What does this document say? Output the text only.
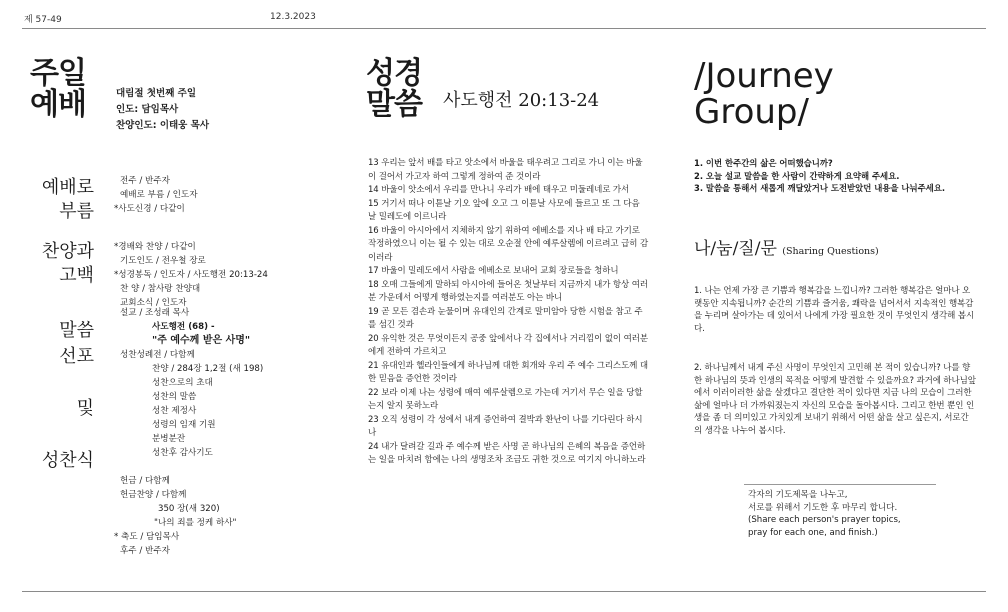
제 57-49	12.3.2023
주일
예배	대림절 첫번째 주일
인도: 담임목사
찬양인도: 이태웅 목사
예배로
부름
찬양과
고백
말씀
선포

및

성찬식
전주 / 반주자
예배로 부름 / 인도자
*사도신경 / 다같이
*경배와 찬양 / 다같이
기도인도 / 전우철 장로
*성경봉독 / 인도자 / 사도행전 20:13-24
찬 양 / 참사랑 찬양대
교회소식 / 인도자
설교 / 조성래 목사
사도행전 (68) -
"주 예수께 받은 사명"
성찬성례전 / 다함께
찬양 / 284장 1,2절 (새 198)
성찬으로의 초대
성찬의 말씀
성찬 제정사
성령의 임재 기원
분병분잔
성찬후 감사기도

헌금 / 다함께
헌금찬양 / 다함께
350 장(새 320)
"나의 죄를 정케 하사"
* 축도 / 담임목사
후주 / 반주자
성경
말씀 사도행전 20:13-24

13 우리는 앞서 배를 타고 앗소에서 바울을 태우려고 그리로 가니 이는 바울이 걸어서 가고자 하여 그렇게 정하여 준 것이라

14 바울이 앗소에서 우리를 만나니 우리가 배에 태우고 미둘레네로 가서

15 거기서 떠나 이튿날 기오 앞에 오고 그 이튿날 사모에 들르고 또 그 다음 날 밀레도에 이르니라

16 바울이 아시아에서 지체하지 않기 위하여 에베소를 지나 배 타고 가기로 작정하였으니 이는 될 수 있는 대로 오순절 안에 예루살렘에 이르려고 급히 감이러라

17 바울이 밀레도에서 사람을 에베소로 보내어 교회 장로들을 청하니

18 오매 그들에게 말하되 아시아에 들어온 첫날부터 지금까지 내가 항상 여러분 가운데서 어떻게 행하였는지를 여러분도 아는 바니

19 곧 모든 겸손과 눈물이며 유대인의 간계로 말미암아 당한 시험을 참고 주를 섬긴 것과

20 유익한 것은 무엇이든지 공중 앞에서나 각 집에서나 거리낌이 없이 여러분에게 전하여 가르치고

21 유대인과 헬라인들에게 하나님께 대한 회개와 우리 주 예수 그리스도께 대한 믿음을 증언한 것이라

22 보라 이제 나는 성령에 매여 예루살렘으로 가는데 거기서 무슨 일을 당할는지 알지 못하노라

23 오직 성령이 각 성에서 내게 증언하여 결박과 환난이 나를 기다린다 하시나

24 내가 달려갈 길과 주 예수께 받은 사명 곧 하나님의 은혜의 복음을 증언하는 일을 마치려 함에는 나의 생명조차 조금도 귀한 것으로 여기지 아니하노라

/Journey
Group/
1. 이번 한주간의 삶은 어떠했습니까?
2. 오늘 설교 말씀을 한 사람이 간략하게 요약해 주세요.
3. 말씀을 통해서 새롭게 깨달았거나 도전받았던 내용을 나눠주세요.
나/눔/질/문 (Sharing Questions)
1. 나는 언제 가장 큰 기쁨과 행복감을 느낍니까? 그러한 행복감은 얼마나 오랫동안 지속됩니까? 순간의 기쁨과 즐거움, 쾌락을 넘어서서 지속적인 행복감을 누리며 살아가는 데 있어서 나에게 가장 필요한 것이 무엇인지 생각해 봅시다.
2. 하나님께서 내게 주신 사명이 무엇인지 고민해 본 적이 있습니까? 나를 향한 하나님의 뜻과 인생의 목적을 어떻게 발견할 수 있을까요? 과거에 하나님앞에서 이러이러한 삶을 살겠다고 결단한 적이 있다면 지금 나의 모습이 그러한 삶에 얼마나 더 가까워졌는지 자신의 모습을 돌아봅시다. 그리고 한번 뿐인 인생을 좀 더 의미있고 가치있게 보내기 위해서 어떤 삶을 살고 싶은지, 서로간의 생각을 나누어 봅시다.
각자의 기도제목을 나누고,
서로를 위해서 기도한 후 마무리 합니다.
(Share each person's prayer topics,
pray for each one, and finish.)
